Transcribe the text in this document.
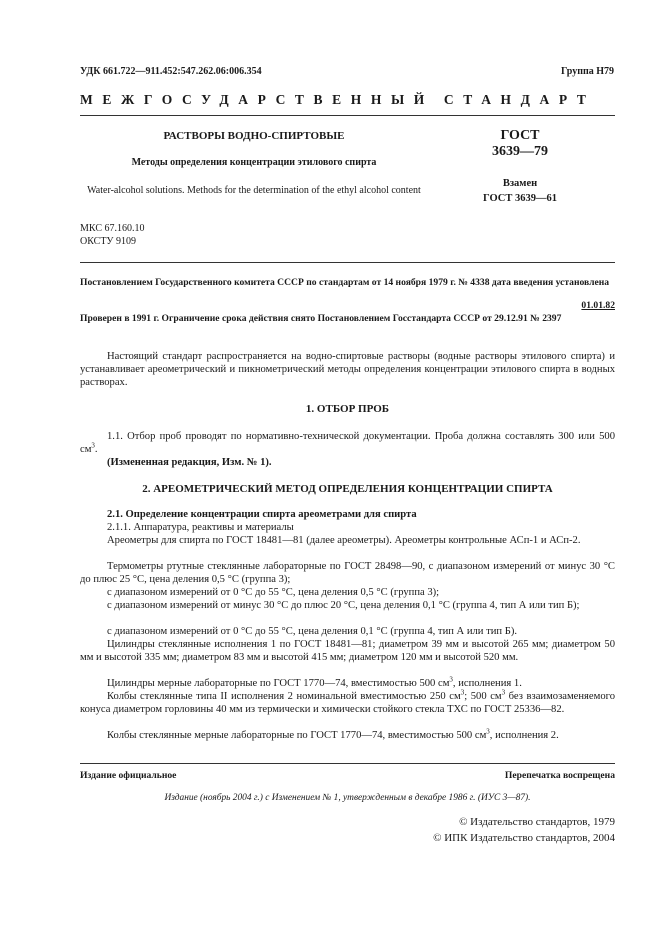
УДК 661.722—911.452:547.262.06:006.354	Группа Н79
МЕЖГОСУДАРСТВЕННЫЙ СТАНДАРТ
РАСТВОРЫ ВОДНО-СПИРТОВЫЕ
Методы определения концентрации этилового спирта
Water-alcohol solutions. Methods for the determination of the ethyl alcohol content
ГОСТ
3639—79
Взамен
ГОСТ 3639—61
МКС 67.160.10
ОКСТУ 9109
Постановлением Государственного комитета СССР по стандартам от 14 ноября 1979 г. № 4338 дата введения установлена
01.01.82
Проверен в 1991 г. Ограничение срока действия снято Постановлением Госстандарта СССР от 29.12.91 № 2397
Настоящий стандарт распространяется на водно-спиртовые растворы (водные растворы этилового спирта) и устанавливает ареометрический и пикнометрический методы определения концентрации этилового спирта в водных растворах.
1. ОТБОР ПРОБ
1.1. Отбор проб проводят по нормативно-технической документации. Проба должна составлять 300 или 500 $см^3$.
(Измененная редакция, Изм. № 1).
2. АРЕОМЕТРИЧЕСКИЙ МЕТОД ОПРЕДЕЛЕНИЯ КОНЦЕНТРАЦИИ СПИРТА
2.1. Определение концентрации спирта ареометрами для спирта
2.1.1. Аппаратура, реактивы и материалы
Ареометры для спирта по ГОСТ 18481—81 (далее ареометры). Ареометры контрольные АСп-1 и АСп-2.
Термометры ртутные стеклянные лабораторные по ГОСТ 28498—90, с диапазоном измерений от минус 30 °С до плюс 25 °С, цена деления 0,5 °С (группа 3);
с диапазоном измерений от 0 °С до 55 °С, цена деления 0,5 °С (группа 3);
с диапазоном измерений от минус 30 °С до плюс 20 °С, цена деления 0,1 °С (группа 4, тип А или тип Б);
с диапазоном измерений от 0 °С до 55 °С, цена деления 0,1 °С (группа 4, тип А или тип Б).
Цилиндры стеклянные исполнения 1 по ГОСТ 18481—81; диаметром 39 мм и высотой 265 мм; диаметром 50 мм и высотой 335 мм; диаметром 83 мм и высотой 415 мм; диаметром 120 мм и высотой 520 мм.
Цилиндры мерные лабораторные по ГОСТ 1770—74, вместимостью 500 $см^3$, исполнения 1.
Колбы стеклянные типа II исполнения 2 номинальной вместимостью 250 $см^3$; 500 $см^3$ без взаимозаменяемого конуса диаметром горловины 40 мм из термически и химически стойкого стекла ТХС по ГОСТ 25336—82.
Колбы стеклянные мерные лабораторные по ГОСТ 1770—74, вместимостью 500 $см^3$, исполнения 2.
Издание официальное	Перепечатка воспрещена
Издание (ноябрь 2004 г.) с Изменением № 1, утвержденным в декабре 1986 г. (ИУС 3—87).
© Издательство стандартов, 1979
© ИПК Издательство стандартов, 2004
